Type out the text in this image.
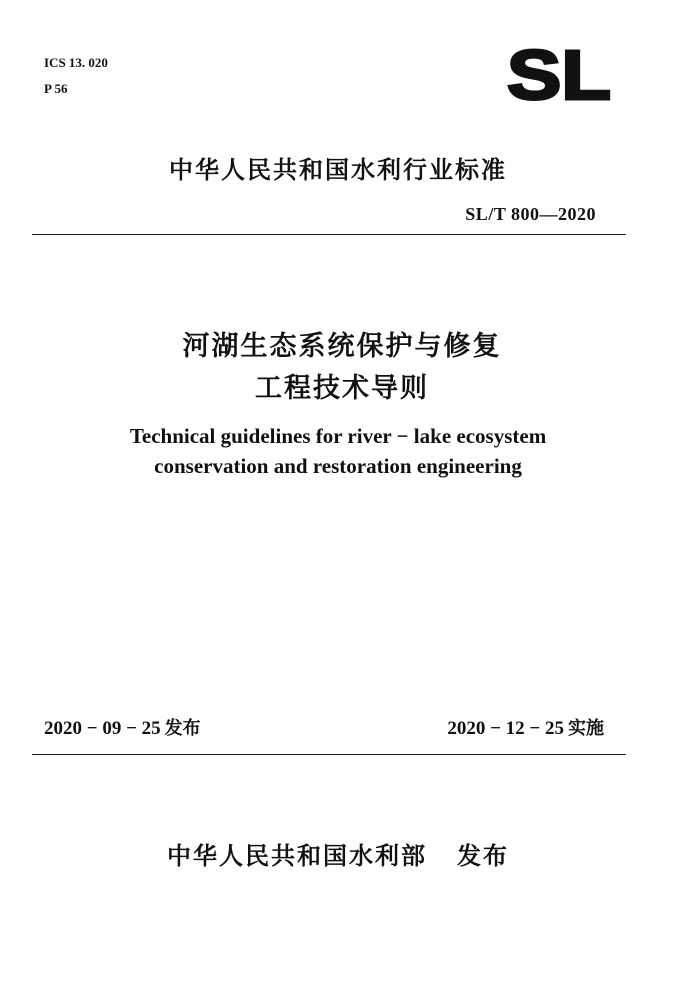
ICS 13. 020
P 56	SL
中华人民共和国水利行业标准
SL/T 800—2020
河湖生态系统保护与修复
工程技术导则
Technical guidelines for river − lake ecosystem
conservation and restoration engineering
2020 − 09 − 25 发布	2020 − 12 − 25 实施
中华人民共和国水利部 发布
